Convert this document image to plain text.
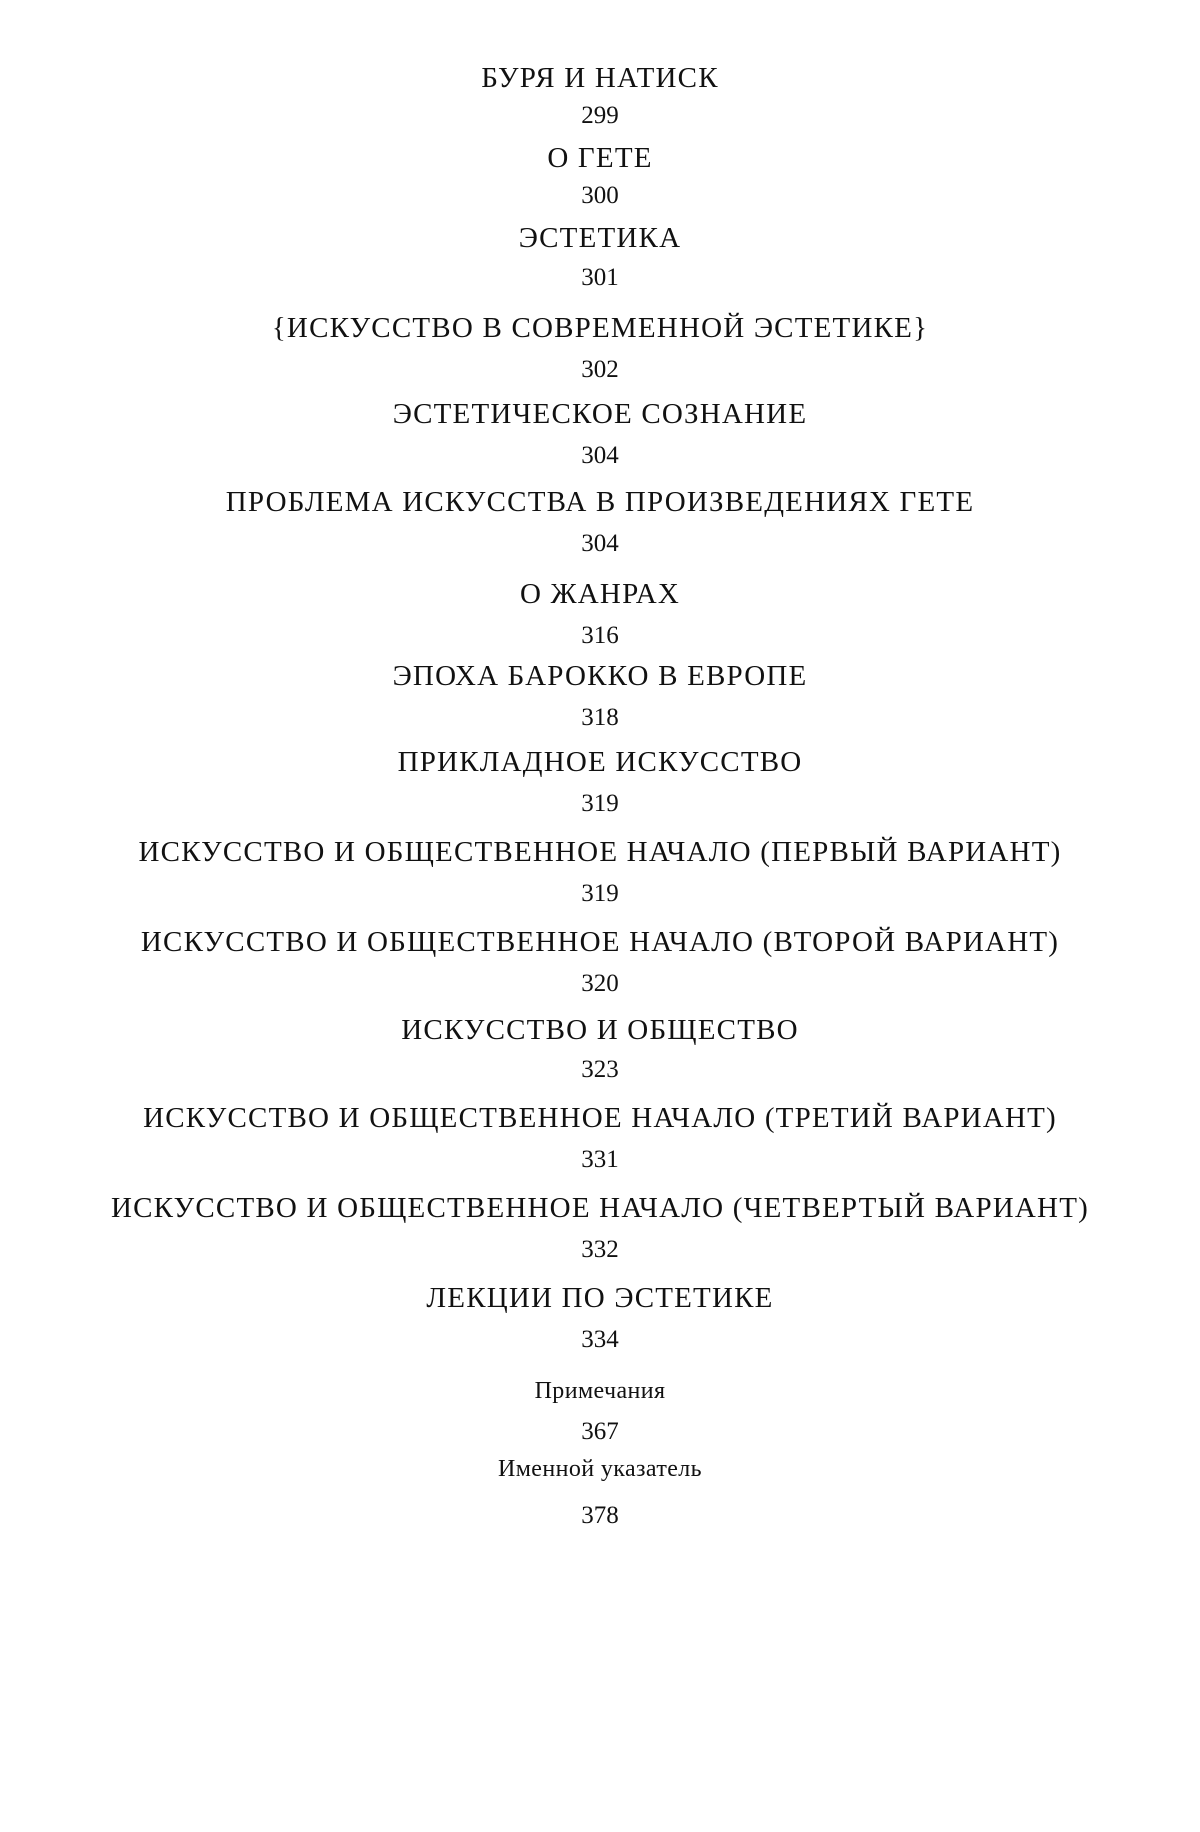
БУРЯ И НАТИСК
299
О ГЕТЕ
300
ЭСТЕТИКА
301
{ИСКУССТВО В СОВРЕМЕННОЙ ЭСТЕТИКЕ}
302
ЭСТЕТИЧЕСКОЕ СОЗНАНИЕ
304
ПРОБЛЕМА ИСКУССТВА В ПРОИЗВЕДЕНИЯХ ГЕТЕ
304
О ЖАНРАХ
316
ЭПОХА БАРОККО В ЕВРОПЕ
318
ПРИКЛАДНОЕ ИСКУССТВО
319
ИСКУССТВО И ОБЩЕСТВЕННОЕ НАЧАЛО (ПЕРВЫЙ ВАРИАНТ)
319
ИСКУССТВО И ОБЩЕСТВЕННОЕ НАЧАЛО (ВТОРОЙ ВАРИАНТ)
320
ИСКУССТВО И ОБЩЕСТВО
323
ИСКУССТВО И ОБЩЕСТВЕННОЕ НАЧАЛО (ТРЕТИЙ ВАРИАНТ)
331
ИСКУССТВО И ОБЩЕСТВЕННОЕ НАЧАЛО (ЧЕТВЕРТЫЙ ВАРИАНТ)
332
ЛЕКЦИИ ПО ЭСТЕТИКЕ
334
Примечания
367
Именной указатель
378
